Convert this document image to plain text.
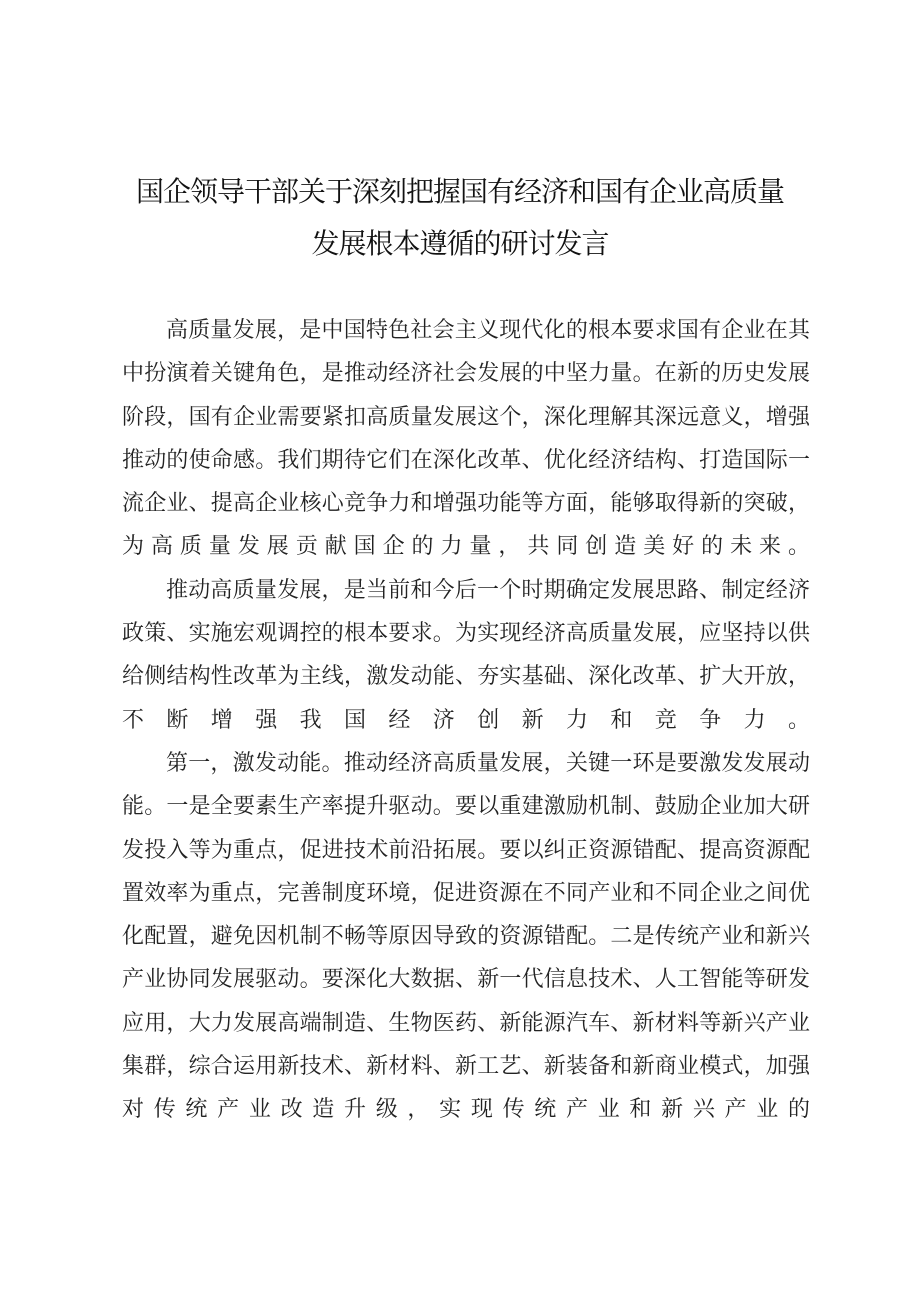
国企领导干部关于深刻把握国有经济和国有企业高质量
发展根本遵循的研讨发言

高质量发展，是中国特色社会主义现代化的根本要求国有企业在其中扮演着关键角色，是推动经济社会发展的中坚力量。在新的历史发展阶段，国有企业需要紧扣高质量发展这个，深化理解其深远意义，增强推动的使命感。我们期待它们在深化改革、优化经济结构、打造国际一流企业、提高企业核心竞争力和增强功能等方面，能够取得新的突破，为高质量发展贡献国企的力量，共同创造美好的未来。

推动高质量发展，是当前和今后一个时期确定发展思路、制定经济政策、实施宏观调控的根本要求。为实现经济高质量发展，应坚持以供给侧结构性改革为主线，激发动能、夯实基础、深化改革、扩大开放，不断增强我国经济创新力和竞争力。

第一，激发动能。推动经济高质量发展，关键一环是要激发发展动能。一是全要素生产率提升驱动。要以重建激励机制、鼓励企业加大研发投入等为重点，促进技术前沿拓展。要以纠正资源错配、提高资源配置效率为重点，完善制度环境，促进资源在不同产业和不同企业之间优化配置，避免因机制不畅等原因导致的资源错配。二是传统产业和新兴产业协同发展驱动。要深化大数据、新一代信息技术、人工智能等研发应用，大力发展高端制造、生物医药、新能源汽车、新材料等新兴产业集群，综合运用新技术、新材料、新工艺、新装备和新商业模式，加强对传统产业改造升级，实现传统产业和新兴产业的
